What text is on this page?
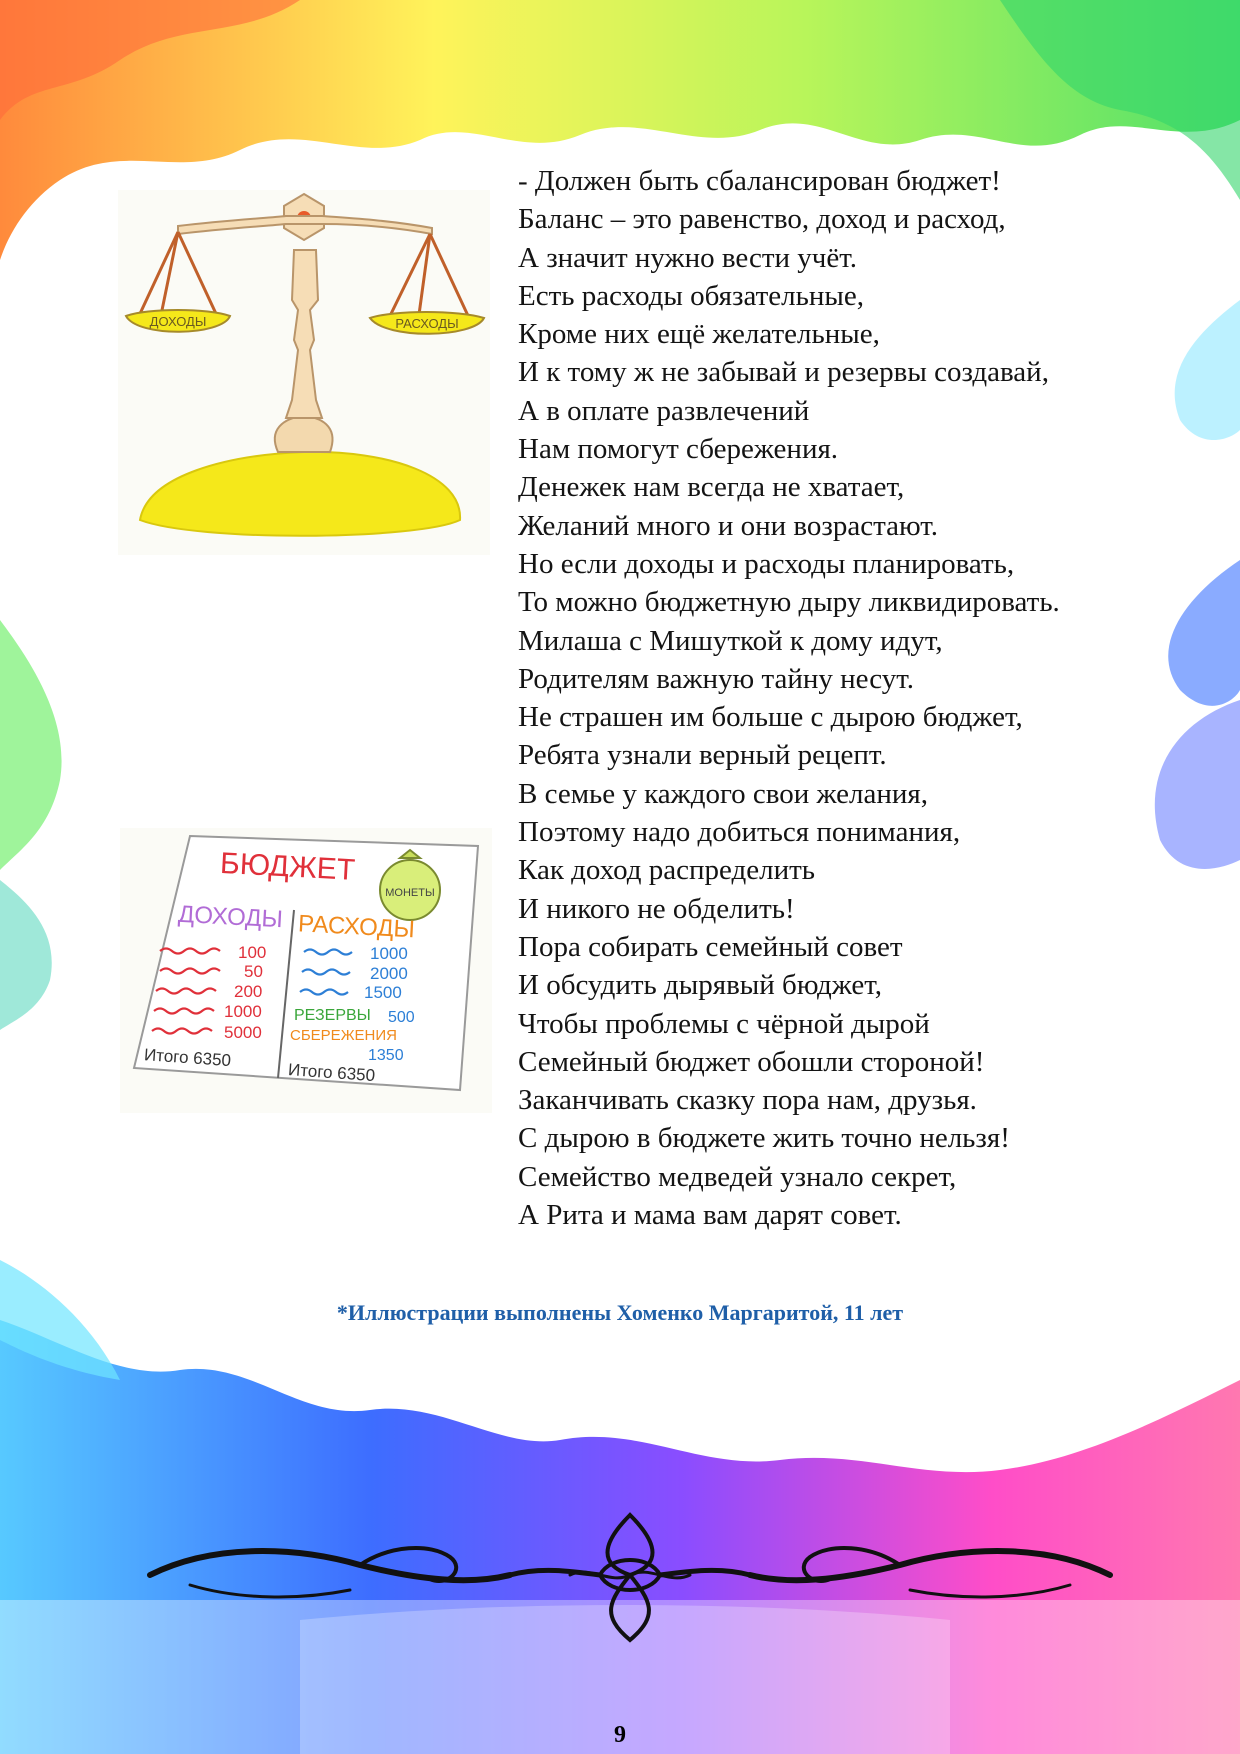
ДОХОДЫ	РАСХОДЫ
МОНЕТЫ
БЮДЖЕТ
ДОХОДЫ РАСХОДЫ
100
50
200
1000
5000
1000
2000
1500
РЕЗЕРВЫ 500
СБЕРЕЖЕНИЯ
1350
Итого 6350
Итого 6350
- Должен быть сбалансирован бюджет!
Баланс – это равенство, доход и расход,
А значит нужно вести учёт.
Есть расходы обязательные,
Кроме них ещё желательные,
И к тому ж не забывай и резервы создавай,
А в оплате развлечений
Нам помогут сбережения.
Денежек нам всегда не хватает,
Желаний много и они возрастают.
Но если доходы и расходы планировать,
То можно бюджетную дыру ликвидировать.
Милаша с Мишуткой к дому идут,
Родителям важную тайну несут.
Не страшен им больше с дырою бюджет,
Ребята узнали верный рецепт.
В семье у каждого свои желания,
Поэтому надо добиться понимания,
Как доход распределить
И никого не обделить!
Пора собирать семейный совет
И обсудить дырявый бюджет,
Чтобы проблемы с чёрной дырой
Семейный бюджет обошли стороной!
Заканчивать сказку пора нам, друзья.
С дырою в бюджете жить точно нельзя!
Семейство медведей узнало секрет,
А Рита и мама вам дарят совет.
*Иллюстрации выполнены Хоменко Маргаритой, 11 лет
9
